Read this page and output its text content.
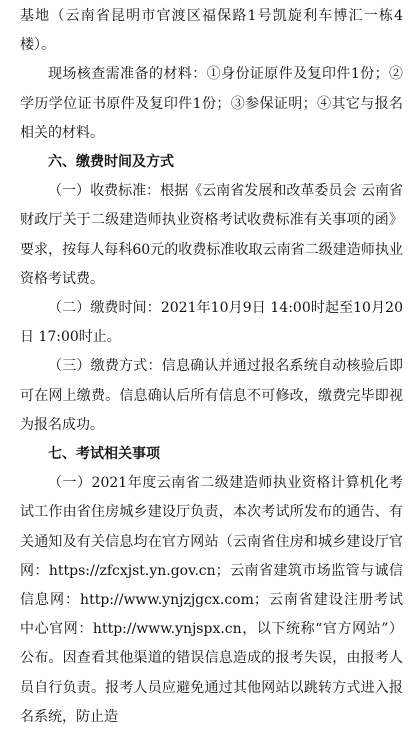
基地（云南省昆明市官渡区福保路1号凯旋利车博汇一栋4楼）。

现场核查需准备的材料：①身份证原件及复印件1份；②学历学位证书原件及复印件1份；③参保证明；④其它与报名相关的材料。

六、缴费时间及方式

（一）收费标准：根据《云南省发展和改革委员会 云南省财政厅关于二级建造师执业资格考试收费标准有关事项的函》要求，按每人每科60元的收费标准收取云南省二级建造师执业资格考试费。

（二）缴费时间：2021年10月9日 14:00时起至10月20日 17:00时止。

（三）缴费方式：信息确认并通过报名系统自动核验后即可在网上缴费。信息确认后所有信息不可修改，缴费完毕即视为报名成功。

七、考试相关事项

（一）2021年度云南省二级建造师执业资格计算机化考试工作由省住房城乡建设厅负责，本次考试所发布的通告、有关通知及有关信息均在官方网站（云南省住房和城乡建设厅官网：https://zfcxjst.yn.gov.cn；云南省建筑市场监管与诚信信息网：http://www.ynjzjgcx.com；云南省建设注册考试中心官网：http://www.ynjspx.cn，以下统称“官方网站”）公布。因查看其他渠道的错误信息造成的报考失误，由报考人员自行负责。报考人员应避免通过其他网站以跳转方式进入报名系统，防止造
